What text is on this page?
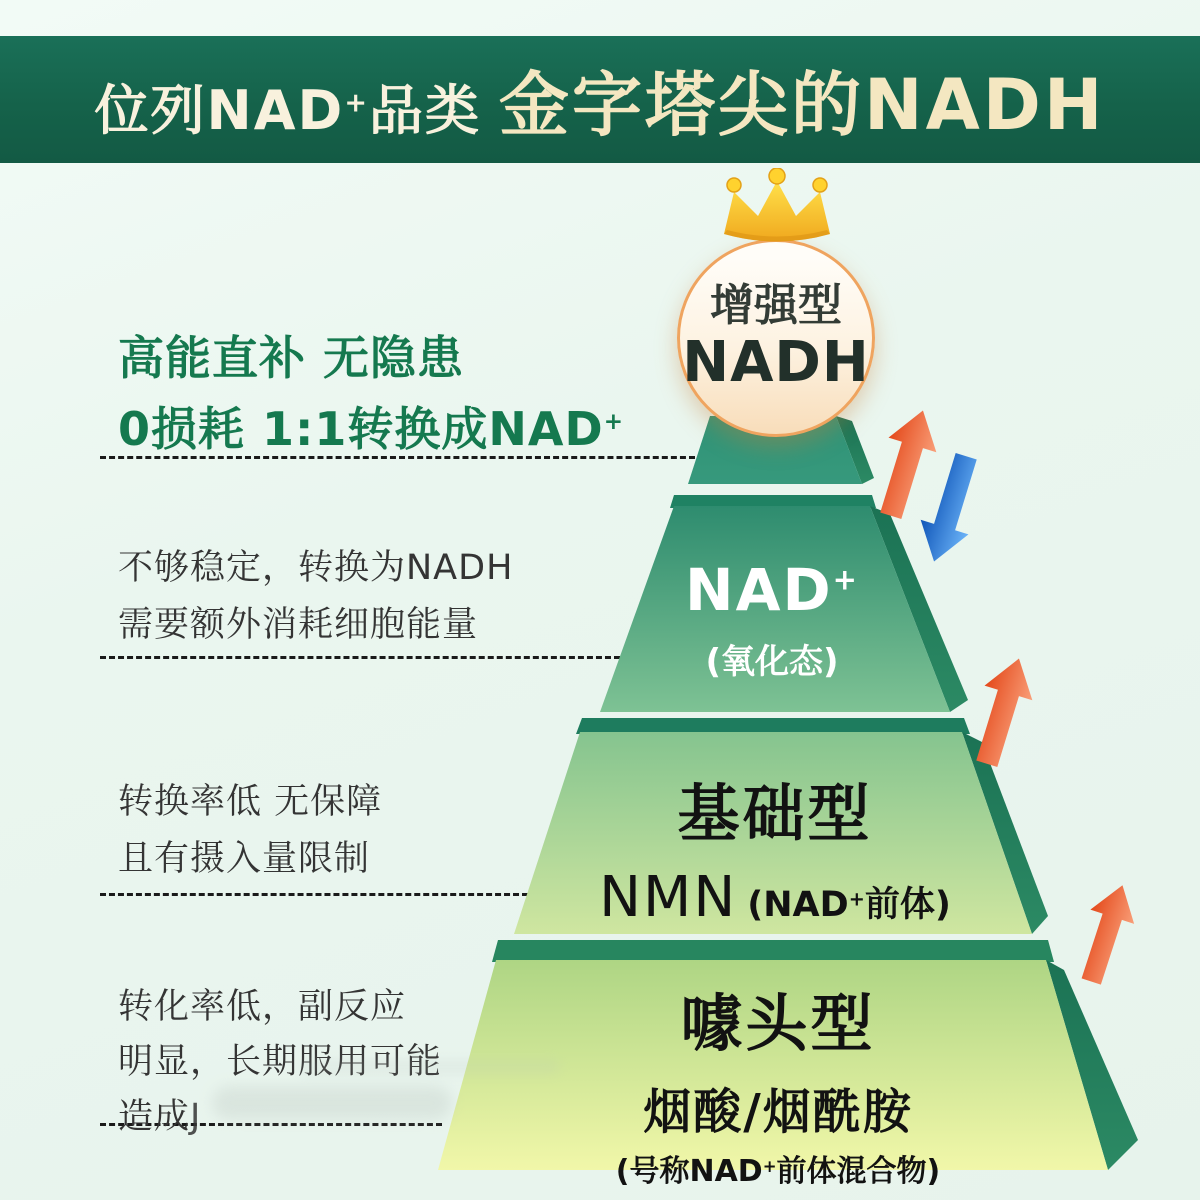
位列NAD+品类 金字塔尖的NADH
增强型
NADH
NAD+
(氧化态)
基础型
NMN (NAD+前体)
噱头型
烟酸/烟酰胺
(号称NAD+前体混合物)
高能直补 无隐患
0损耗 1:1转换成NAD+
不够稳定，转换为NADH
需要额外消耗细胞能量
转换率低 无保障
且有摄入量限制
转化率低，副反应
明显，长期服用可能
造成J
